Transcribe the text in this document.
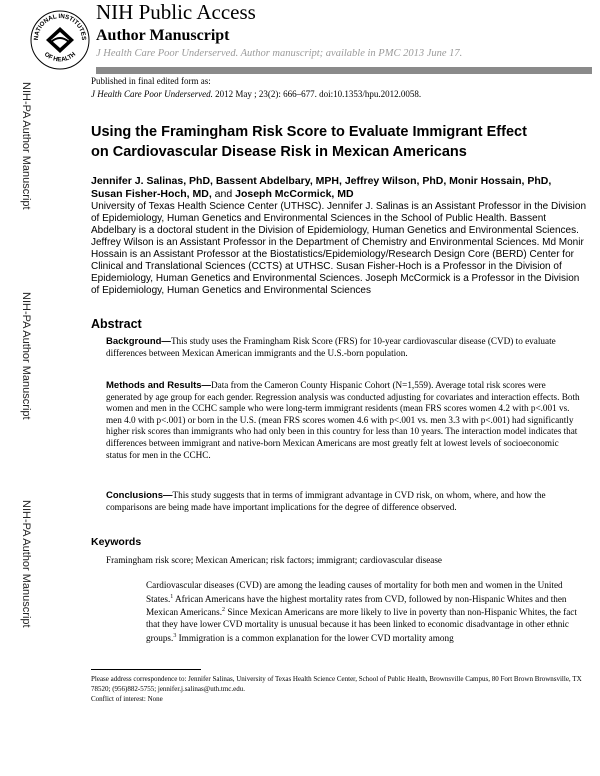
NATIONAL INSTITUTES
OF HEALTH
NIH Public Access
Author Manuscript
J Health Care Poor Underserved. Author manuscript; available in PMC 2013 June 17.
Published in final edited form as:
J Health Care Poor Underserved. 2012 May ; 23(2): 666–677. doi:10.1353/hpu.2012.0058.
NIH-PA Author Manuscript
NIH-PA Author Manuscript
NIH-PA Author Manuscript
Using the Framingham Risk Score to Evaluate Immigrant Effect on Cardiovascular Disease Risk in Mexican Americans
Jennifer J. Salinas, PhD, Bassent Abdelbary, MPH, Jeffrey Wilson, PhD, Monir Hossain, PhD, Susan Fisher-Hoch, MD, and Joseph McCormick, MD
University of Texas Health Science Center (UTHSC). Jennifer J. Salinas is an Assistant Professor in the Division of Epidemiology, Human Genetics and Environmental Sciences in the School of Public Health. Bassent Abdelbary is a doctoral student in the Division of Epidemiology, Human Genetics and Environmental Sciences. Jeffrey Wilson is an Assistant Professor in the Department of Chemistry and Environmental Sciences. Md Monir Hossain is an Assistant Professor at the Biostatistics/Epidemiology/Research Design Core (BERD) Center for Clinical and Translational Sciences (CCTS) at UTHSC. Susan Fisher-Hoch is a Professor in the Division of Epidemiology, Human Genetics and Environmental Sciences. Joseph McCormick is a Professor in the Division of Epidemiology, Human Genetics and Environmental Sciences
Abstract
Background—This study uses the Framingham Risk Score (FRS) for 10-year cardiovascular disease (CVD) to evaluate differences between Mexican American immigrants and the U.S.-born population.
Methods and Results—Data from the Cameron County Hispanic Cohort (N=1,559). Average total risk scores were generated by age group for each gender. Regression analysis was conducted adjusting for covariates and interaction effects. Both women and men in the CCHC sample who were long-term immigrant residents (mean FRS scores women 4.2 with p<.001 vs. men 4.0 with p<.001) or born in the U.S. (mean FRS scores women 4.6 with p<.001 vs. men 3.3 with p<.001) had significantly higher risk scores than immigrants who had only been in this country for less than 10 years. The interaction model indicates that differences between immigrant and native-born Mexican Americans are most greatly felt at lowest levels of socioeconomic status for men in the CCHC.
Conclusions—This study suggests that in terms of immigrant advantage in CVD risk, on whom, where, and how the comparisons are being made have important implications for the degree of difference observed.
Keywords
Framingham risk score; Mexican American; risk factors; immigrant; cardiovascular disease
Cardiovascular diseases (CVD) are among the leading causes of mortality for both men and women in the United States.$^1$ African Americans have the highest mortality rates from CVD, followed by non-Hispanic Whites and then Mexican Americans.$^2$ Since Mexican Americans are more likely to live in poverty than non-Hispanic Whites, the fact that they have lower CVD mortality is unusual because it has been linked to economic disadvantage in other ethnic groups.$^3$ Immigration is a common explanation for the lower CVD mortality among
Please address correspondence to: Jennifer Salinas, University of Texas Health Science Center, School of Public Health, Brownsville Campus, 80 Fort Brown Brownsville, TX 78520; (956)882-5755; jennifer.j.salinas@uth.tmc.edu.
Conflict of interest: None
